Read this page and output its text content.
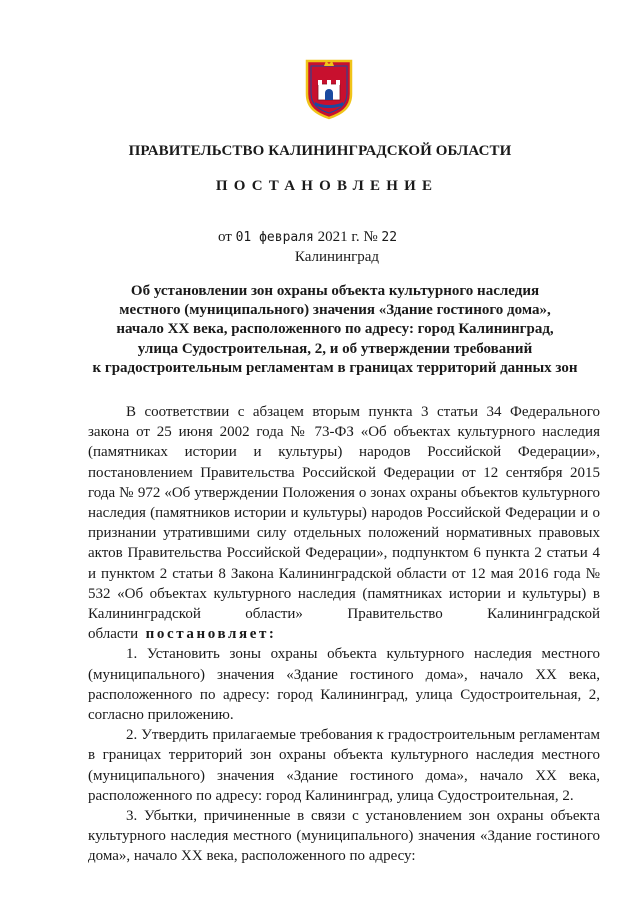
ПРАВИТЕЛЬСТВО КАЛИНИНГРАДСКОЙ ОБЛАСТИ
ПОСТАНОВЛЕНИЕ
от 01 февраля 2021 г. № 22
Калининград
Об установлении зон охраны объекта культурного наследия
местного (муниципального) значения «Здание гостиного дома»,
начало XX века, расположенного по адресу: город Калининград,
улица Судостроительная, 2, и об утверждении требований
к градостроительным регламентам в границах территорий данных зон

В соответствии с абзацем вторым пункта 3 статьи 34 Федерального закона от 25 июня 2002 года № 73-ФЗ «Об объектах культурного наследия (памятниках истории и культуры) народов Российской Федерации», постановлением Правительства Российской Федерации от 12 сентября 2015 года № 972 «Об утверждении Положения о зонах охраны объектов культурного наследия (памятников истории и культуры) народов Российской Федерации и о признании утратившими силу отдельных положений нормативных правовых актов Правительства Российской Федерации», подпунктом 6 пункта 2 статьи 4 и пунктом 2 статьи 8 Закона Калининградской области от 12 мая 2016 года № 532 «Об объектах культурного наследия (памятниках истории и культуры) в Калининградской области» Правительство Калининградской области постановляет:

1. Установить зоны охраны объекта культурного наследия местного (муниципального) значения «Здание гостиного дома», начало XX века, расположенного по адресу: город Калининград, улица Судостроительная, 2, согласно приложению.

2. Утвердить прилагаемые требования к градостроительным регламентам в границах территорий зон охраны объекта культурного наследия местного (муниципального) значения «Здание гостиного дома», начало XX века, расположенного по адресу: город Калининград, улица Судостроительная, 2.

3. Убытки, причиненные в связи с установлением зон охраны объекта культурного наследия местного (муниципального) значения «Здание гостиного дома», начало XX века, расположенного по адресу:
